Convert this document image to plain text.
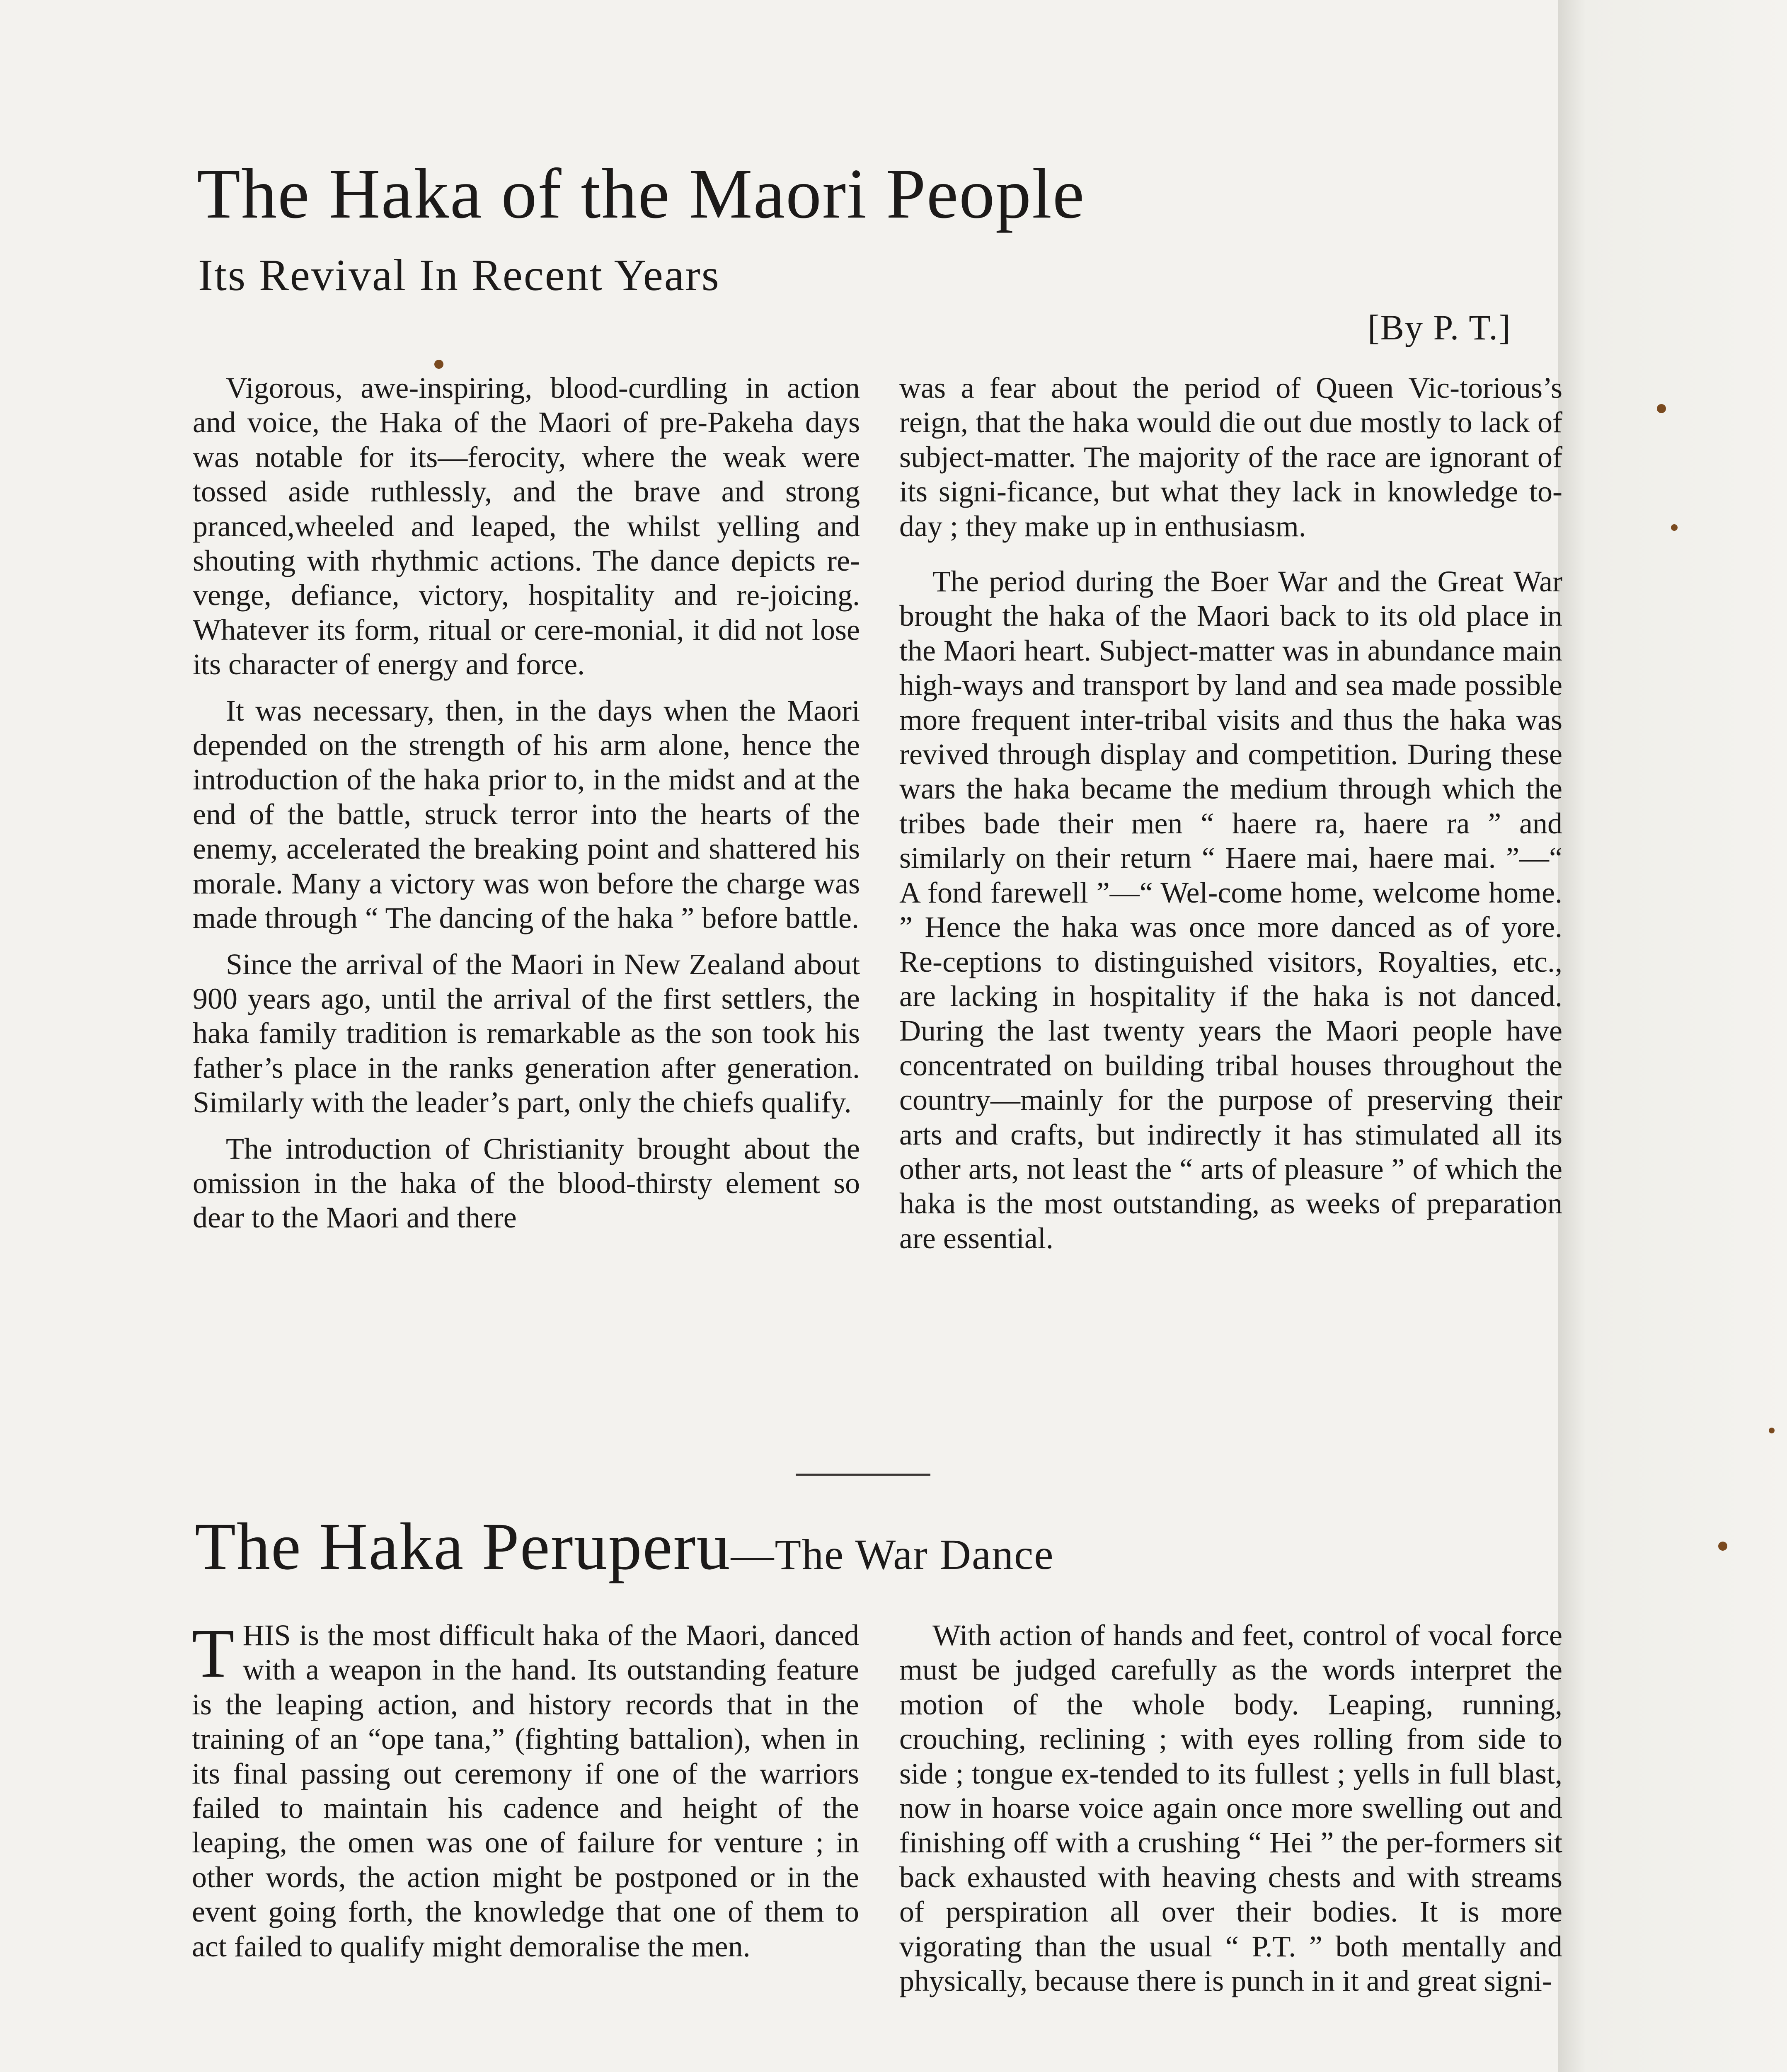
The Haka of the Maori People
Its Revival In Recent Years
[By P. T.]

Vigorous, awe-inspiring, blood-curdling in action and voice, the Haka of the Maori of pre-Pakeha days was notable for its—ferocity, where the weak were tossed aside ruthlessly, and the brave and strong pranced,wheeled and leaped, the whilst yelling and shouting with rhythmic actions. The dance depicts re-venge, defiance, victory, hospitality and re-joicing. Whatever its form, ritual or cere-monial, it did not lose its character of energy and force.

It was necessary, then, in the days when the Maori depended on the strength of his arm alone, hence the introduction of the haka prior to, in the midst and at the end of the battle, struck terror into the hearts of the enemy, accelerated the breaking point and shattered his morale. Many a victory was won before the charge was made through “ The dancing of the haka ” before battle.

Since the arrival of the Maori in New Zealand about 900 years ago, until the arrival of the first settlers, the haka family tradition is remarkable as the son took his father’s place in the ranks generation after generation. Similarly with the leader’s part, only the chiefs qualify.

The introduction of Christianity brought about the omission in the haka of the blood-thirsty element so dear to the Maori and there

was a fear about the period of Queen Vic-torious’s reign, that the haka would die out due mostly to lack of subject-matter. The majority of the race are ignorant of its signi-ficance, but what they lack in knowledge to-day ; they make up in enthusiasm.

The period during the Boer War and the Great War brought the haka of the Maori back to its old place in the Maori heart. Subject-matter was in abundance main high-ways and transport by land and sea made possible more frequent inter-tribal visits and thus the haka was revived through display and competition. During these wars the haka became the medium through which the tribes bade their men “ haere ra, haere ra ” and similarly on their return “ Haere mai, haere mai. ”—“ A fond farewell ”—“ Wel-come home, welcome home. ” Hence the haka was once more danced as of yore. Re-ceptions to distinguished visitors, Royalties, etc., are lacking in hospitality if the haka is not danced. During the last twenty years the Maori people have concentrated on building tribal houses throughout the country—mainly for the purpose of preserving their arts and crafts, but indirectly it has stimulated all its other arts, not least the “ arts of pleasure ” of which the haka is the most outstanding, as weeks of preparation are essential.

The Haka Peruperu—The War Dance

THIS is the most difficult haka of the Maori, danced with a weapon in the hand. Its outstanding feature is the leaping action, and history records that in the training of an “ope tana,” (fighting battalion), when in its final passing out ceremony if one of the warriors failed to maintain his cadence and height of the leaping, the omen was one of failure for venture ; in other words, the action might be postponed or in the event going forth, the knowledge that one of them to act failed to qualify might demoralise the men.

With action of hands and feet, control of vocal force must be judged carefully as the words interpret the motion of the whole body. Leaping, running, crouching, reclining ; with eyes rolling from side to side ; tongue ex-tended to its fullest ; yells in full blast, now in hoarse voice again once more swelling out and finishing off with a crushing “ Hei ” the per-formers sit back exhausted with heaving chests and with streams of perspiration all over their bodies. It is more vigorating than the usual “ P.T. ” both mentally and physically, because there is punch in it and great signi-
